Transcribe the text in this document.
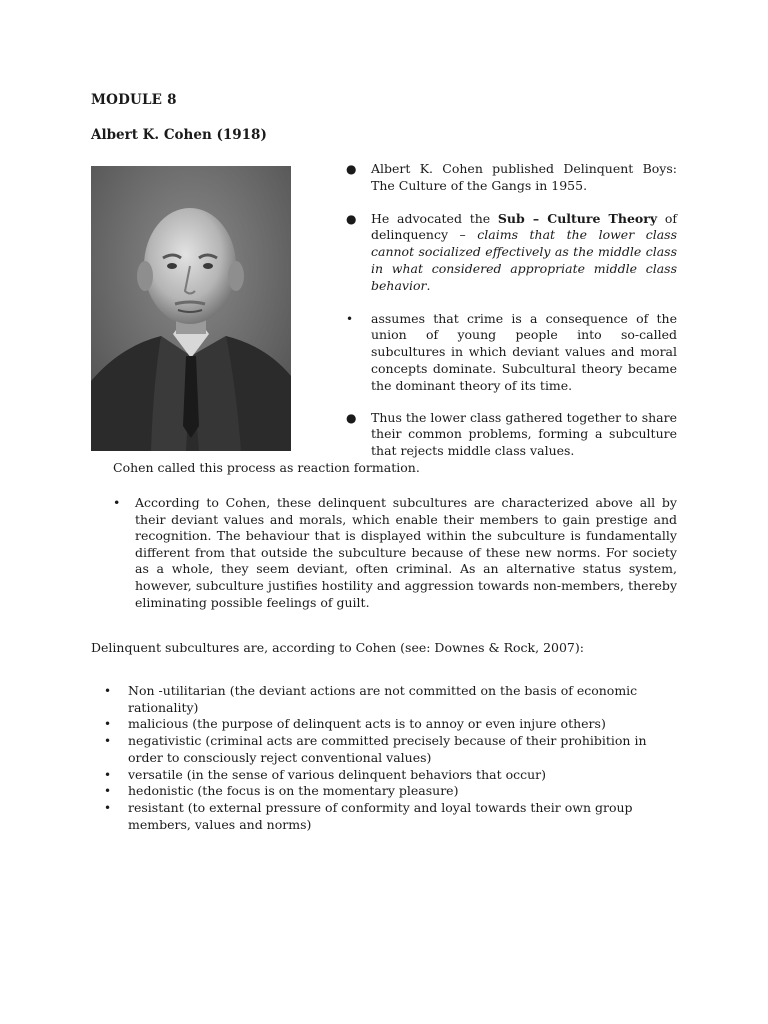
MODULE 8
Albert K. Cohen (1918)
● Albert K. Cohen published Delinquent Boys: The Culture of the Gangs in 1955.
● He advocated the Sub – Culture Theory of delinquency – claims that the lower class cannot socialized effectively as the middle class in what considered appropriate middle class behavior.
• assumes that crime is a consequence of the union of young people into so-called subcultures in which deviant values and moral concepts dominate. Subcultural theory became the dominant theory of its time.
● Thus the lower class gathered together to share their common problems, forming a subculture that rejects middle class values.
Cohen called this process as reaction formation.
• According to Cohen, these delinquent subcultures are characterized above all by their deviant values and morals, which enable their members to gain prestige and recognition. The behaviour that is displayed within the subculture is fundamentally different from that outside the subculture because of these new norms. For society as a whole, they seem deviant, often criminal. As an alternative status system, however, subculture justifies hostility and aggression towards non-members, thereby eliminating possible feelings of guilt.
Delinquent subcultures are, according to Cohen (see: Downes & Rock, 2007):
• Non -utilitarian (the deviant actions are not committed on the basis of economic rationality)
• malicious (the purpose of delinquent acts is to annoy or even injure others)
• negativistic (criminal acts are committed precisely because of their prohibition in order to consciously reject conventional values)
• versatile (in the sense of various delinquent behaviors that occur)
• hedonistic (the focus is on the momentary pleasure)
• resistant (to external pressure of conformity and loyal towards their own group members, values and norms)
